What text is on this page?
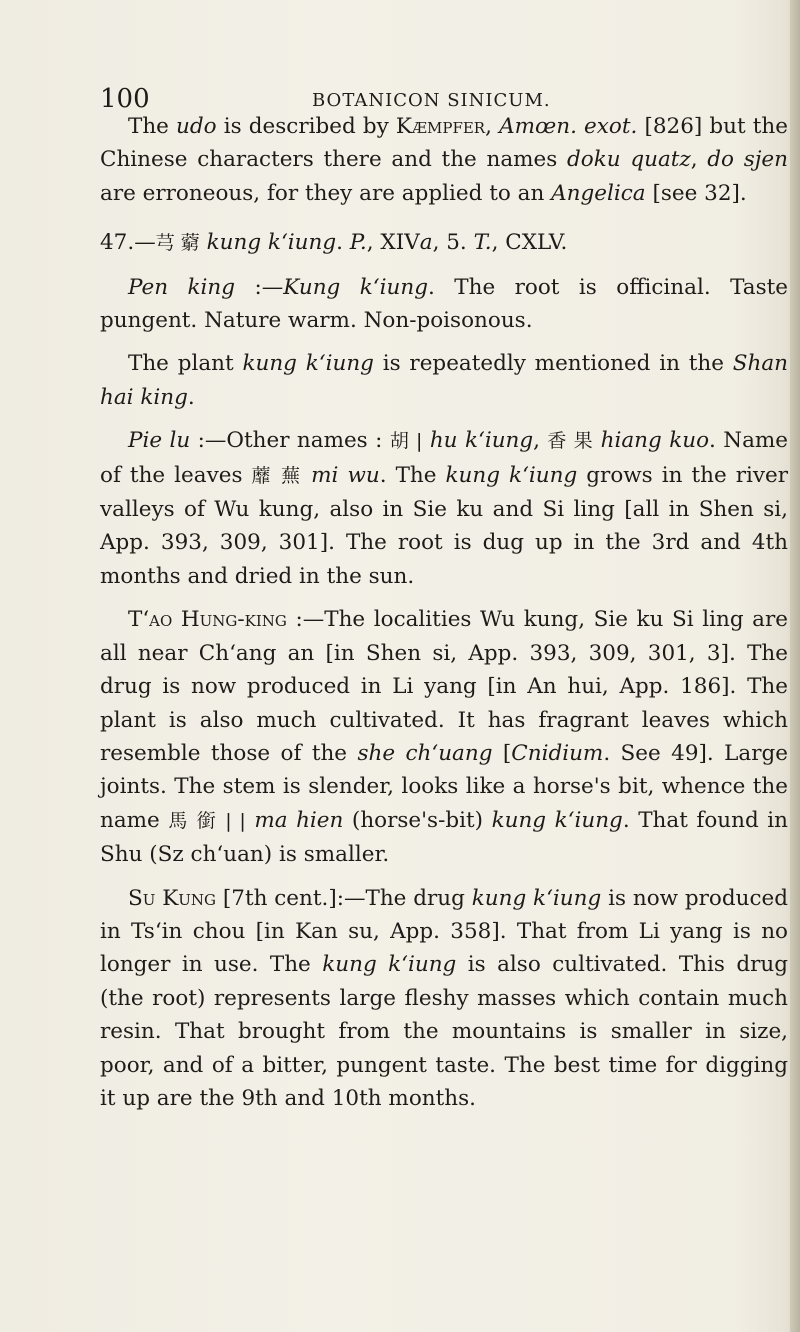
100	BOTANICON SINICUM.

The udo is described by Kæmpfer, Amœn. exot. [826] but the Chinese characters there and the names doku quatz, do sjen are erroneous, for they are applied to an Angelica [see 32].

47.—芎 藭 kung k‘iung. P., XIVa, 5. T., CXLV.

Pen king :—Kung k‘iung. The root is officinal. Taste pungent. Nature warm. Non-poisonous.

The plant kung k‘iung is repeatedly mentioned in the Shan hai king.

Pie lu :—Other names : 胡 | hu k‘iung, 香 果 hiang kuo. Name of the leaves 蘼 蕪 mi wu. The kung k‘iung grows in the river valleys of Wu kung, also in Sie ku and Si ling [all in Shen si, App. 393, 309, 301]. The root is dug up in the 3rd and 4th months and dried in the sun.

T‘ao Hung-king :—The localities Wu kung, Sie ku Si ling are all near Ch‘ang an [in Shen si, App. 393, 309, 301, 3]. The drug is now produced in Li yang [in An hui, App. 186]. The plant is also much cultivated. It has fragrant leaves which resemble those of the she ch‘uang [Cnidium. See 49]. Large joints. The stem is slender, looks like a horse's bit, whence the name 馬 銜 | | ma hien (horse's-bit) kung k‘iung. That found in Shu (Sz ch‘uan) is smaller.

Su Kung [7th cent.]:—The drug kung k‘iung is now produced in Ts‘in chou [in Kan su, App. 358]. That from Li yang is no longer in use. The kung k‘iung is also cultivated. This drug (the root) represents large fleshy masses which contain much resin. That brought from the mountains is smaller in size, poor, and of a bitter, pungent taste. The best time for digging it up are the 9th and 10th months.
